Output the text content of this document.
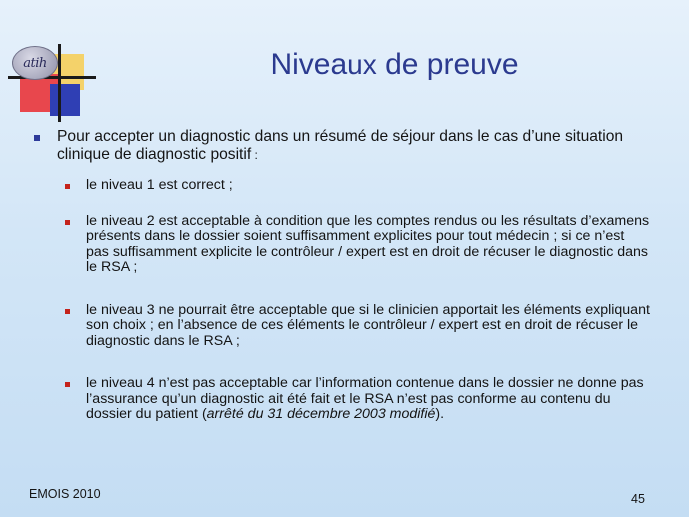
atih	Niveaux de preuve
Pour accepter un diagnostic dans un résumé de séjour dans le cas d’une situation clinique de diagnostic positif :
le niveau 1 est correct ;
le niveau 2 est acceptable à condition que les comptes rendus ou les résultats d’examens présents dans le dossier soient suffisamment explicites pour tout médecin ; si ce n’est pas suffisamment explicite le contrôleur / expert est en droit de récuser le diagnostic dans le RSA ;
le niveau 3 ne pourrait être acceptable que si le clinicien apportait les éléments expliquant son choix ; en l’absence de ces éléments le contrôleur / expert est en droit de récuser le diagnostic dans le RSA ;
le niveau 4 n’est pas acceptable car l’information contenue dans le dossier ne donne pas l’assurance qu’un diagnostic ait été fait et le RSA n’est pas conforme au contenu du dossier du patient (arrêté du 31 décembre 2003 modifié).
EMOIS 2010	45
